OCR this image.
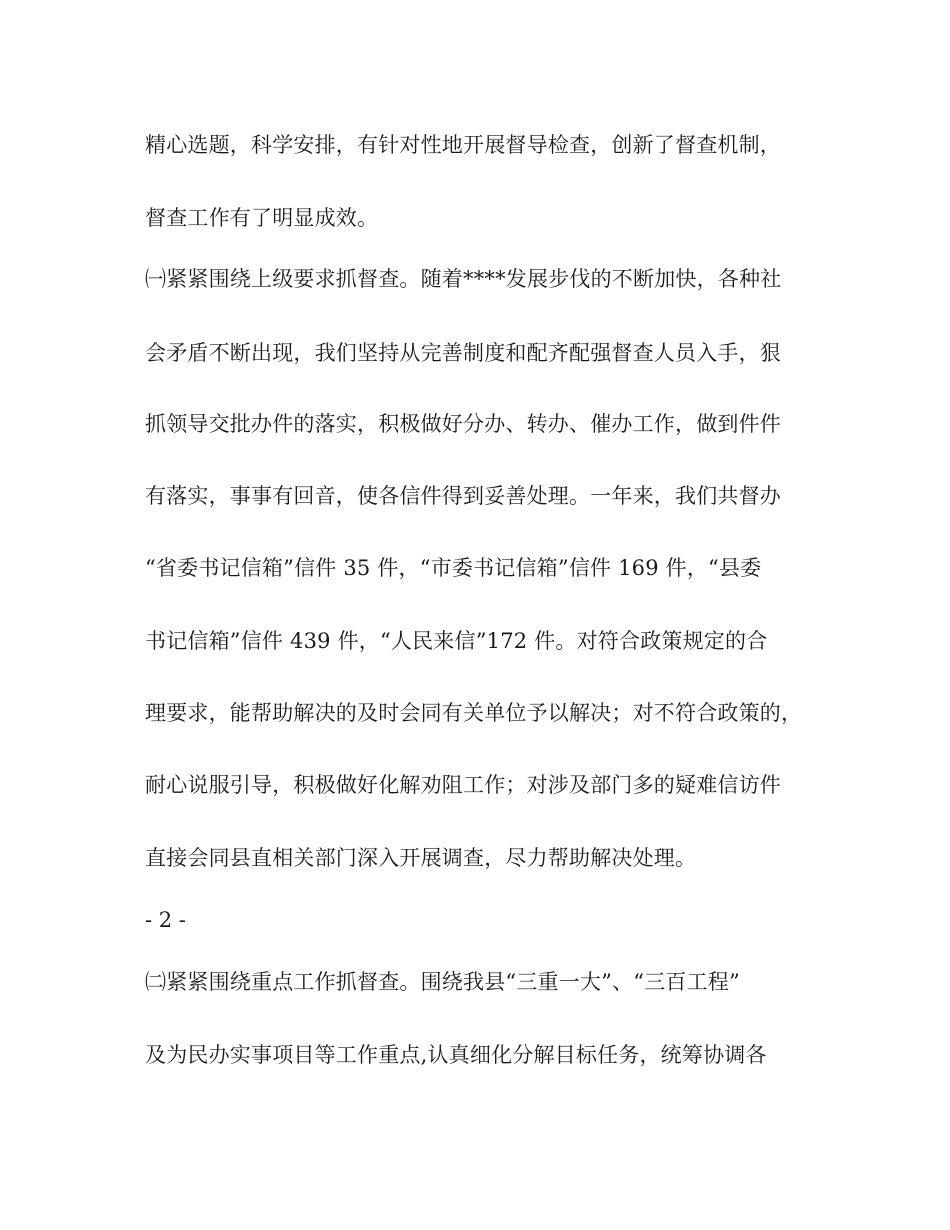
精心选题，科学安排，有针对性地开展督导检查，创新了督查机制，
督查工作有了明显成效。
㈠紧紧围绕上级要求抓督查。随着****发展步伐的不断加快，各种社
会矛盾不断出现，我们坚持从完善制度和配齐配强督查人员入手，狠
抓领导交批办件的落实，积极做好分办、转办、催办工作，做到件件
有落实，事事有回音，使各信件得到妥善处理。一年来，我们共督办
“省委书记信箱”信件 35 件，“市委书记信箱”信件 169 件，“县委
书记信箱”信件 439 件，“人民来信”172 件。对符合政策规定的合
理要求，能帮助解决的及时会同有关单位予以解决；对不符合政策的，
耐心说服引导，积极做好化解劝阻工作；对涉及部门多的疑难信访件
直接会同县直相关部门深入开展调查，尽力帮助解决处理。
- 2 -
㈡紧紧围绕重点工作抓督查。围绕我县“三重一大”、“三百工程”
及为民办实事项目等工作重点,认真细化分解目标任务，统筹协调各
